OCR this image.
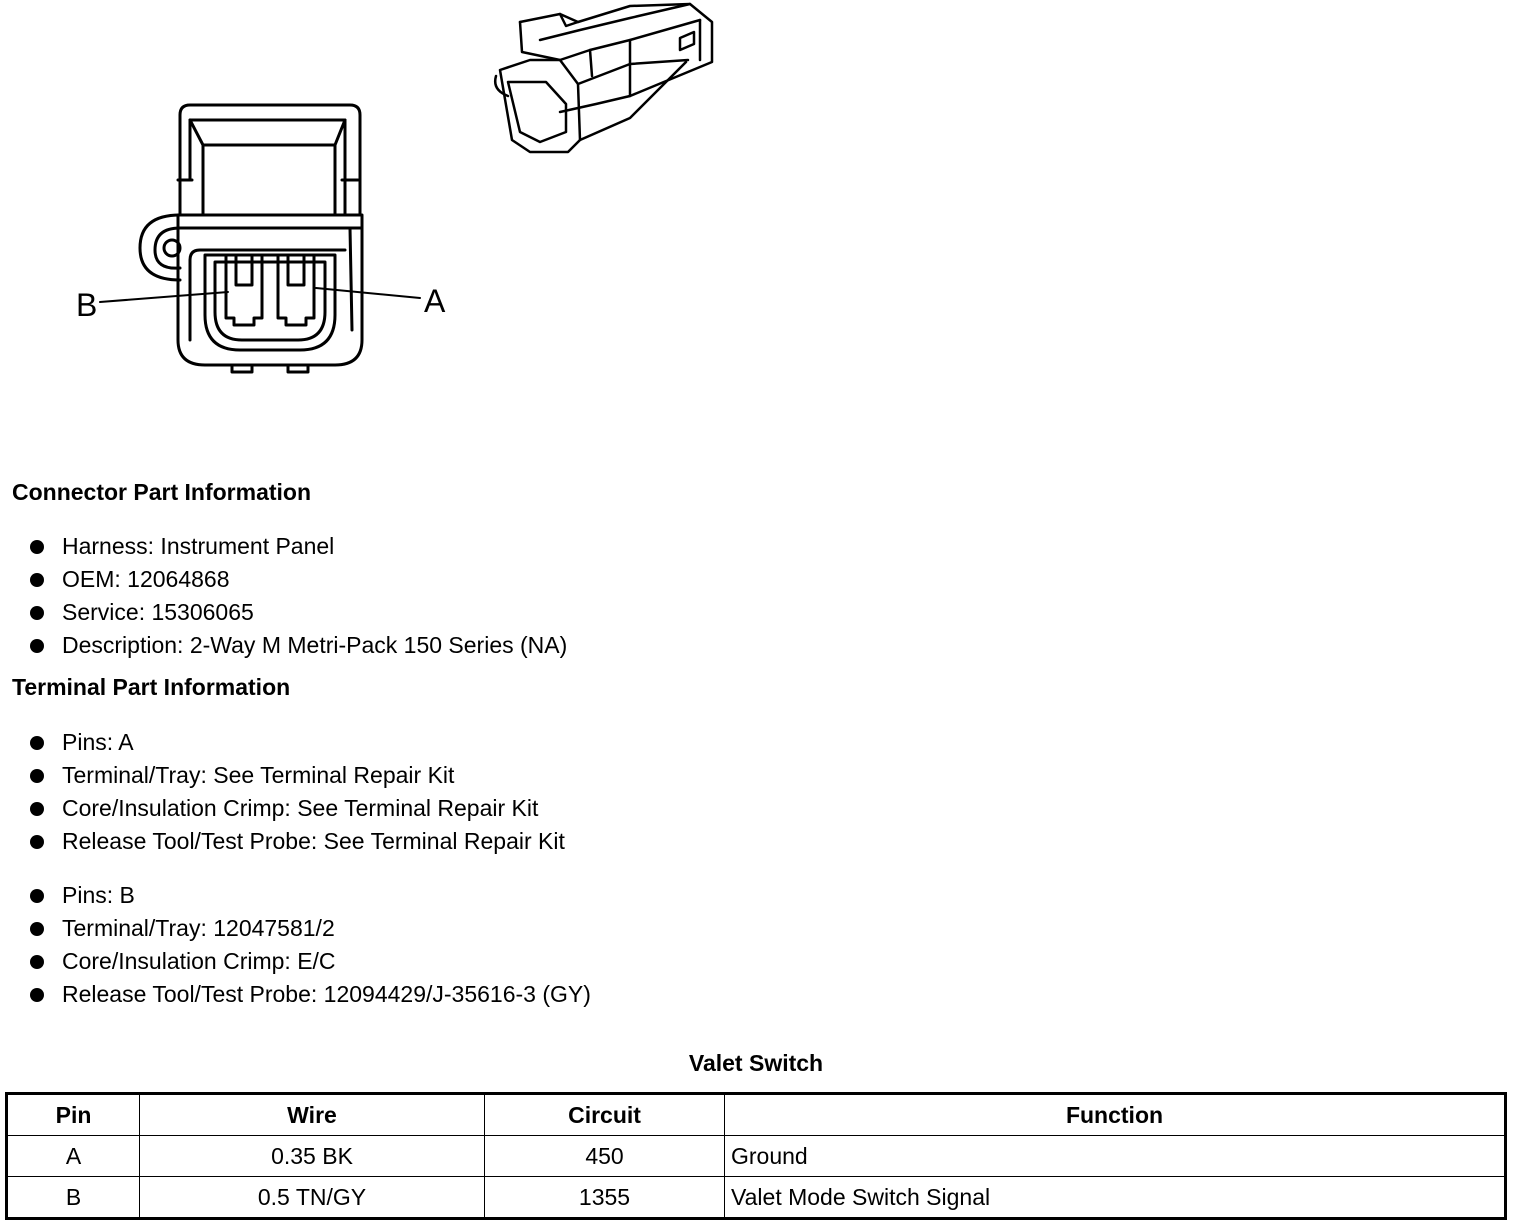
B	A
Connector Part Information
Harness: Instrument Panel
OEM: 12064868
Service: 15306065
Description: 2-Way M Metri-Pack 150 Series (NA)
Terminal Part Information
Pins: A
Terminal/Tray: See Terminal Repair Kit
Core/Insulation Crimp: See Terminal Repair Kit
Release Tool/Test Probe: See Terminal Repair Kit
Pins: B
Terminal/Tray: 12047581/2
Core/Insulation Crimp: E/C
Release Tool/Test Probe: 12094429/J-35616-3 (GY)
Valet Switch
Pin	Wire	Circuit	Function
A	0.35 BK	450	Ground
B	0.5 TN/GY	1355	Valet Mode Switch Signal
